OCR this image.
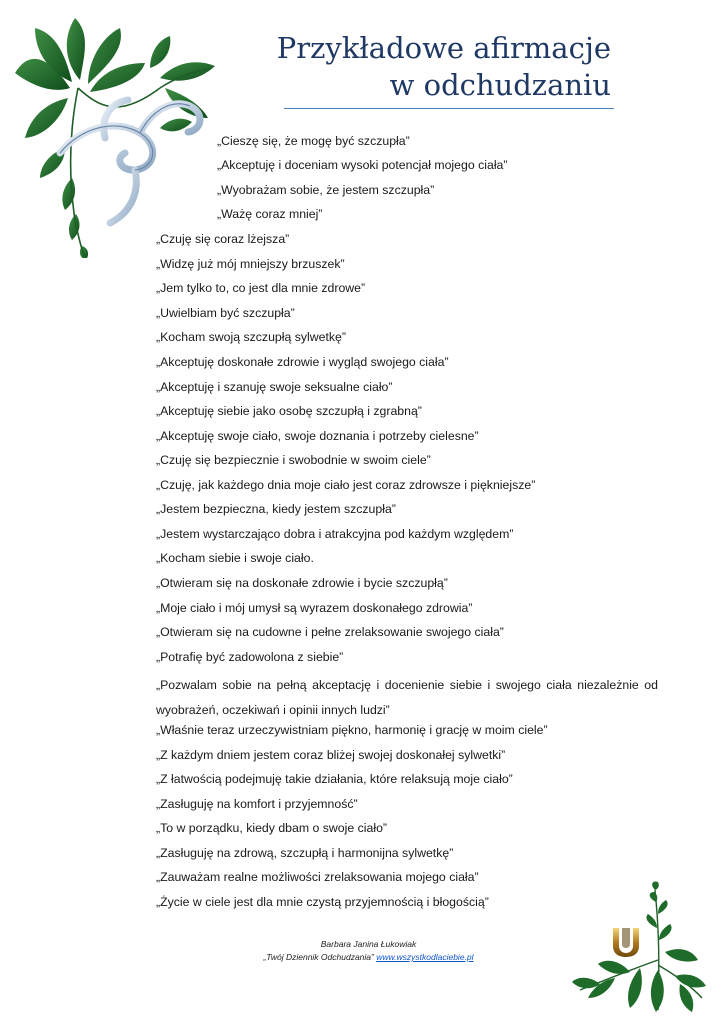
Przykładowe afirmacje
w odchudzaniu
„Cieszę się, że mogę być szczupła”
„Akceptuję i doceniam wysoki potencjał mojego ciała”
„Wyobrażam sobie, że jestem szczupła”
„Ważę coraz mniej”
„Czuję się coraz lżejsza”
„Widzę już mój mniejszy brzuszek”
„Jem tylko to, co jest dla mnie zdrowe”
„Uwielbiam być szczupła”
„Kocham swoją szczupłą sylwetkę”
„Akceptuję doskonałe zdrowie i wygląd swojego ciała”
„Akceptuję i szanuję swoje seksualne ciało”
„Akceptuję siebie jako osobę szczupłą i zgrabną”
„Akceptuję swoje ciało, swoje doznania i potrzeby cielesne”
„Czuję się bezpiecznie i swobodnie w swoim ciele”
„Czuję, jak każdego dnia moje ciało jest coraz zdrowsze i piękniejsze”
„Jestem bezpieczna, kiedy jestem szczupła”
„Jestem wystarczająco dobra i atrakcyjna pod każdym względem”
„Kocham siebie i swoje ciało.
„Otwieram się na doskonałe zdrowie i bycie szczupłą”
„Moje ciało i mój umysł są wyrazem doskonałego zdrowia”
„Otwieram się na cudowne i pełne zrelaksowanie swojego ciała”
„Potrafię być zadowolona z siebie”
„Pozwalam sobie na pełną akceptację i docenienie siebie i swojego ciała niezależnie od wyobrażeń, oczekiwań i opinii innych ludzi”
„Właśnie teraz urzeczywistniam piękno, harmonię i grację w moim ciele”
„Z każdym dniem jestem coraz bliżej swojej doskonałej sylwetki”
„Z łatwością podejmuję takie działania, które relaksują moje ciało”
„Zasługuję na komfort i przyjemność”
„To w porządku, kiedy dbam o swoje ciało”
„Zasługuję na zdrową, szczupłą i harmonijna sylwetkę”
„Zauważam realne możliwości zrelaksowania mojego ciała”
„Życie w ciele jest dla mnie czystą przyjemnością i błogością”
Barbara Janina Łukowiak
„Twój Dziennik Odchudzania” www.wszystkodlaciebie.pl
